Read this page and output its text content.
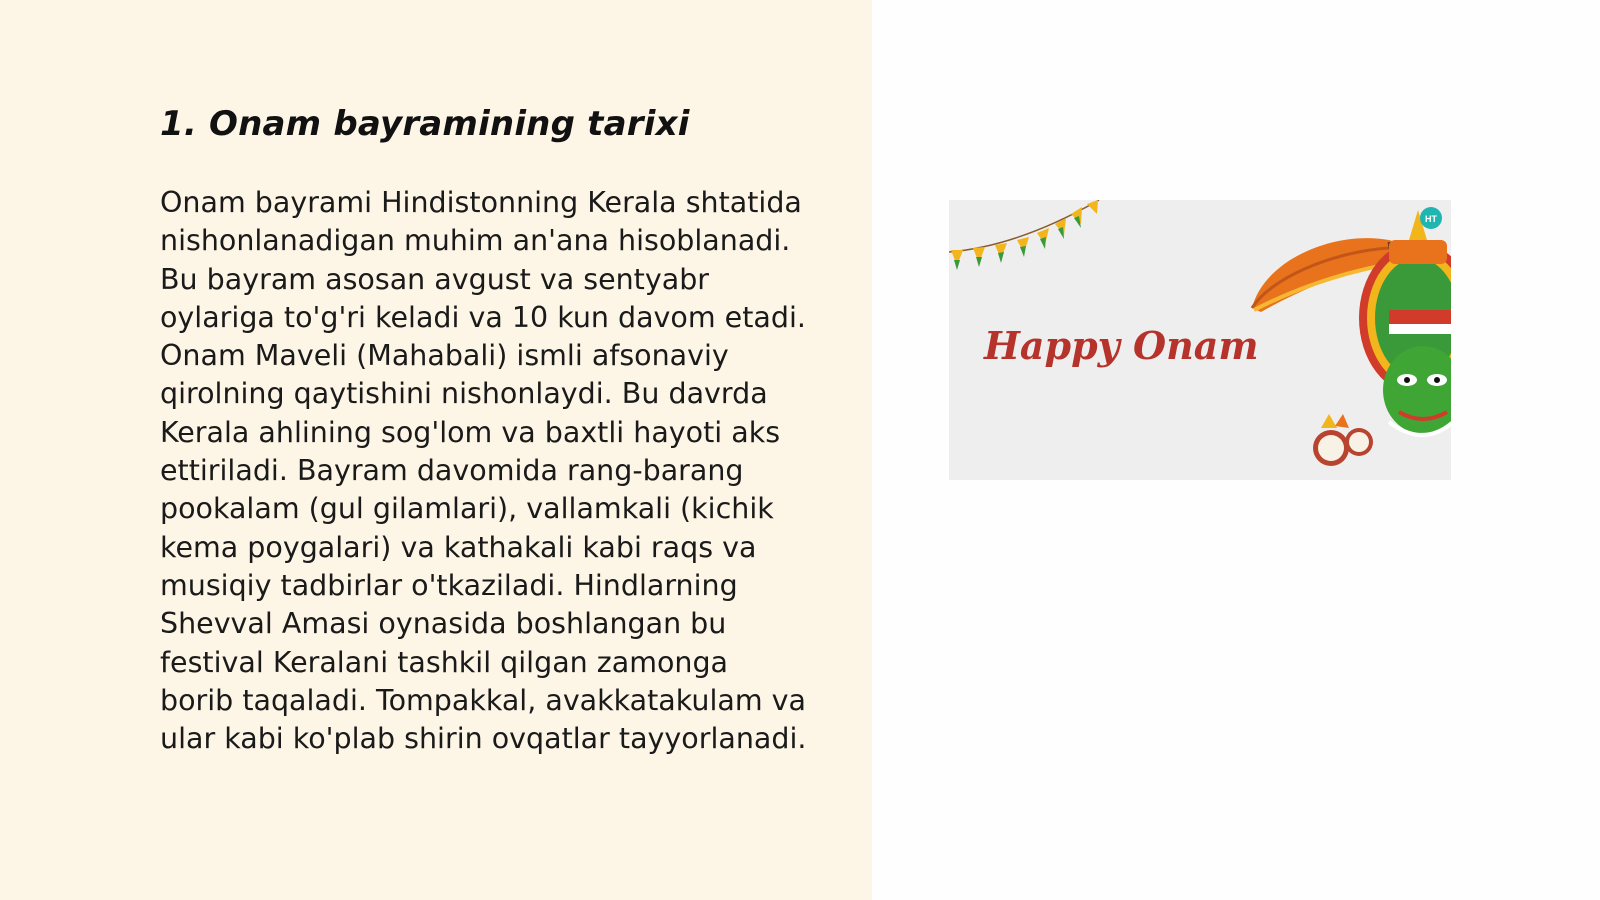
1. Onam bayramining tarixi

Onam bayrami Hindistonning Kerala shtatida
nishonlanadigan muhim an'ana hisoblanadi.
Bu bayram asosan avgust va sentyabr
oylariga to'g'ri keladi va 10 kun davom etadi.
Onam Maveli (Mahabali) ismli afsonaviy
qirolning qaytishini nishonlaydi. Bu davrda
Kerala ahlining sog'lom va baxtli hayoti aks
ettiriladi. Bayram davomida rang-barang
pookalam (gul gilamlari), vallamkali (kichik
kema poygalari) va kathakali kabi raqs va
musiqiy tadbirlar o'tkaziladi. Hindlarning
Shevval Amasi oynasida boshlangan bu
festival Keralani tashkil qilgan zamonga
borib taqaladi. Tompakkal, avakkatakulam va
ular kabi ko'plab shirin ovqatlar tayyorlanadi.

Happy Onam
HT
